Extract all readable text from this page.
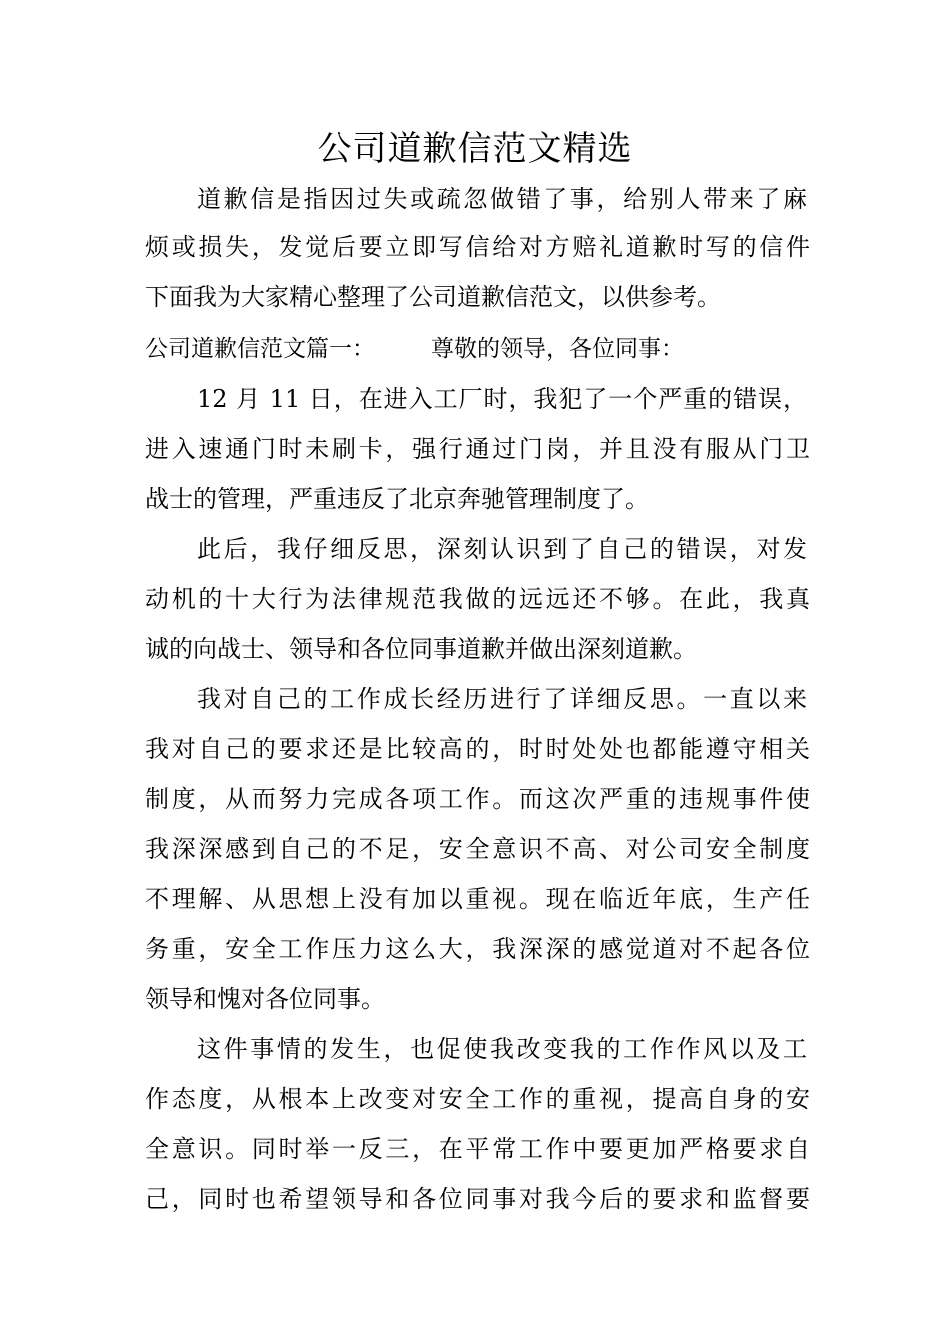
公司道歉信范文精选
道歉信是指因过失或疏忽做错了事，给别人带来了麻
烦或损失，发觉后要立即写信给对方赔礼道歉时写的信件
下面我为大家精心整理了公司道歉信范文，以供参考。
公司道歉信范文篇一： 尊敬的领导，各位同事：
12 月 11 日，在进入工厂时，我犯了一个严重的错误，
进入速通门时未刷卡，强行通过门岗，并且没有服从门卫
战士的管理，严重违反了北京奔驰管理制度了。
此后，我仔细反思，深刻认识到了自己的错误，对发
动机的十大行为法律规范我做的远远还不够。在此，我真
诚的向战士、领导和各位同事道歉并做出深刻道歉。
我对自己的工作成长经历进行了详细反思。一直以来
我对自己的要求还是比较高的，时时处处也都能遵守相关
制度，从而努力完成各项工作。而这次严重的违规事件使
我深深感到自己的不足，安全意识不高、对公司安全制度
不理解、从思想上没有加以重视。现在临近年底，生产任
务重，安全工作压力这么大，我深深的感觉道对不起各位
领导和愧对各位同事。
这件事情的发生，也促使我改变我的工作作风以及工
作态度，从根本上改变对安全工作的重视，提高自身的安
全意识。同时举一反三，在平常工作中要更加严格要求自
己，同时也希望领导和各位同事对我今后的要求和监督要
